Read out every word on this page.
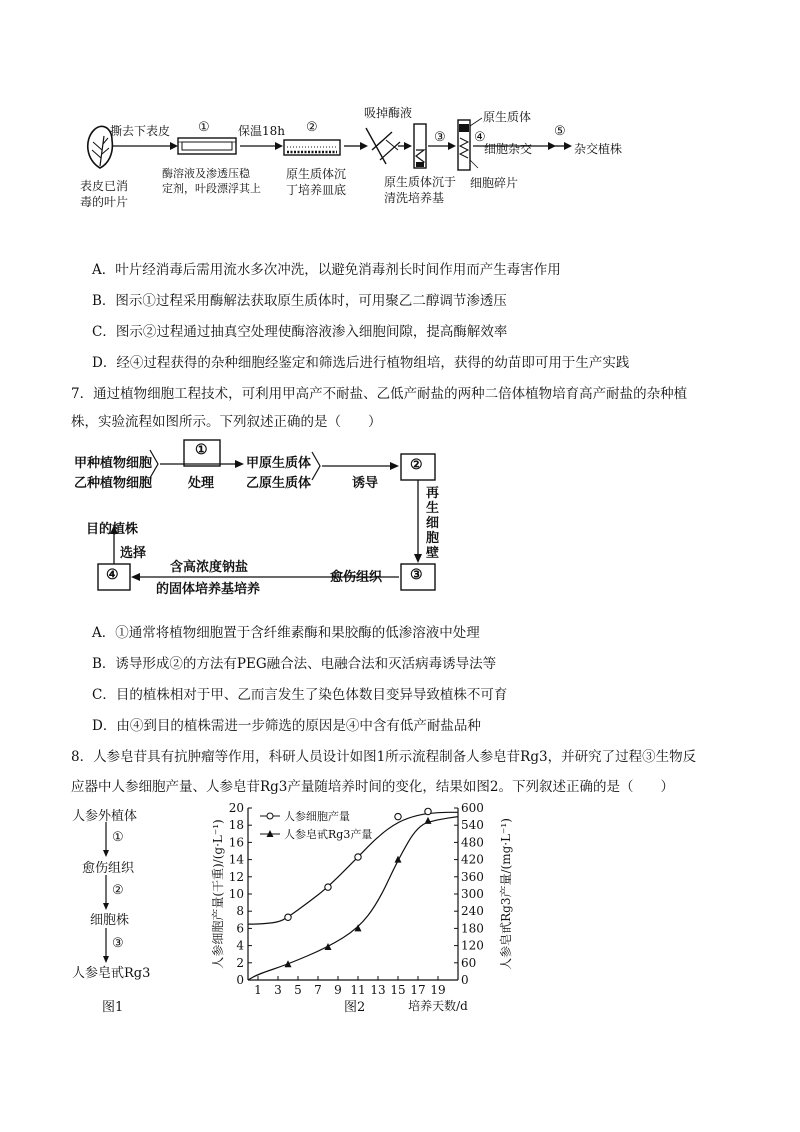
表皮已消
毒的叶片
撕去下表皮 ①
酶溶液及渗透压稳
定剂，叶段漂浮其上
保温18h ②
原生质体沉
丁培养皿底
吸掉酶液
③
原生质体沉于
清洗培养基
原生质体
④
细胞杂交
⑤
杂交植株
细胞碎片
A．叶片经消毒后需用流水多次冲洗，以避免消毒剂长时间作用而产生毒害作用
B．图示①过程采用酶解法获取原生质体时，可用聚乙二醇调节渗透压
C．图示②过程通过抽真空处理使酶溶液渗入细胞间隙，提高酶解效率
D．经④过程获得的杂种细胞经鉴定和筛选后进行植物组培，获得的幼苗即可用于生产实践
7．通过植物细胞工程技术，可利用甲高产不耐盐、乙低产耐盐的两种二倍体植物培育高产耐盐的杂种植
株，实验流程如图所示。下列叙述正确的是（　　）
甲种植物细胞
乙种植物细胞
①
处理
甲原生质体
乙原生质体	诱导
②
再
生
细
胞
壁
③
愈伤组织
含高浓度钠盐
的固体培养基培养
④
选择
目的植株
A．①通常将植物细胞置于含纤维素酶和果胶酶的低渗溶液中处理
B．诱导形成②的方法有PEG融合法、电融合法和灭活病毒诱导法等
C．目的植株相对于甲、乙而言发生了染色体数目变异导致植株不可育
D．由④到目的植株需进一步筛选的原因是④中含有低产耐盐品种
8．人参皂苷具有抗肿瘤等作用，科研人员设计如图1所示流程制备人参皂苷Rg3，并研究了过程③生物反
应器中人参细胞产量、人参皂苷Rg3产量随培养时间的变化，结果如图2。下列叙述正确的是（　　）
人参外植体
①
愈伤组织
②
细胞株
③
人参皂甙Rg3
图1
0
2
4
6
8
10
12
14
16
18
20
0
60
120
180
240
300
360
420
480
540
600
1 3 5 7 9 11 13 15 17 19
人参细胞产量(干重)/(g·L⁻¹)	人参皂甙Rg3产量/(mg·L⁻¹)
培养天数/d
人参细胞产量
人参皂甙Rg3产量
图2
